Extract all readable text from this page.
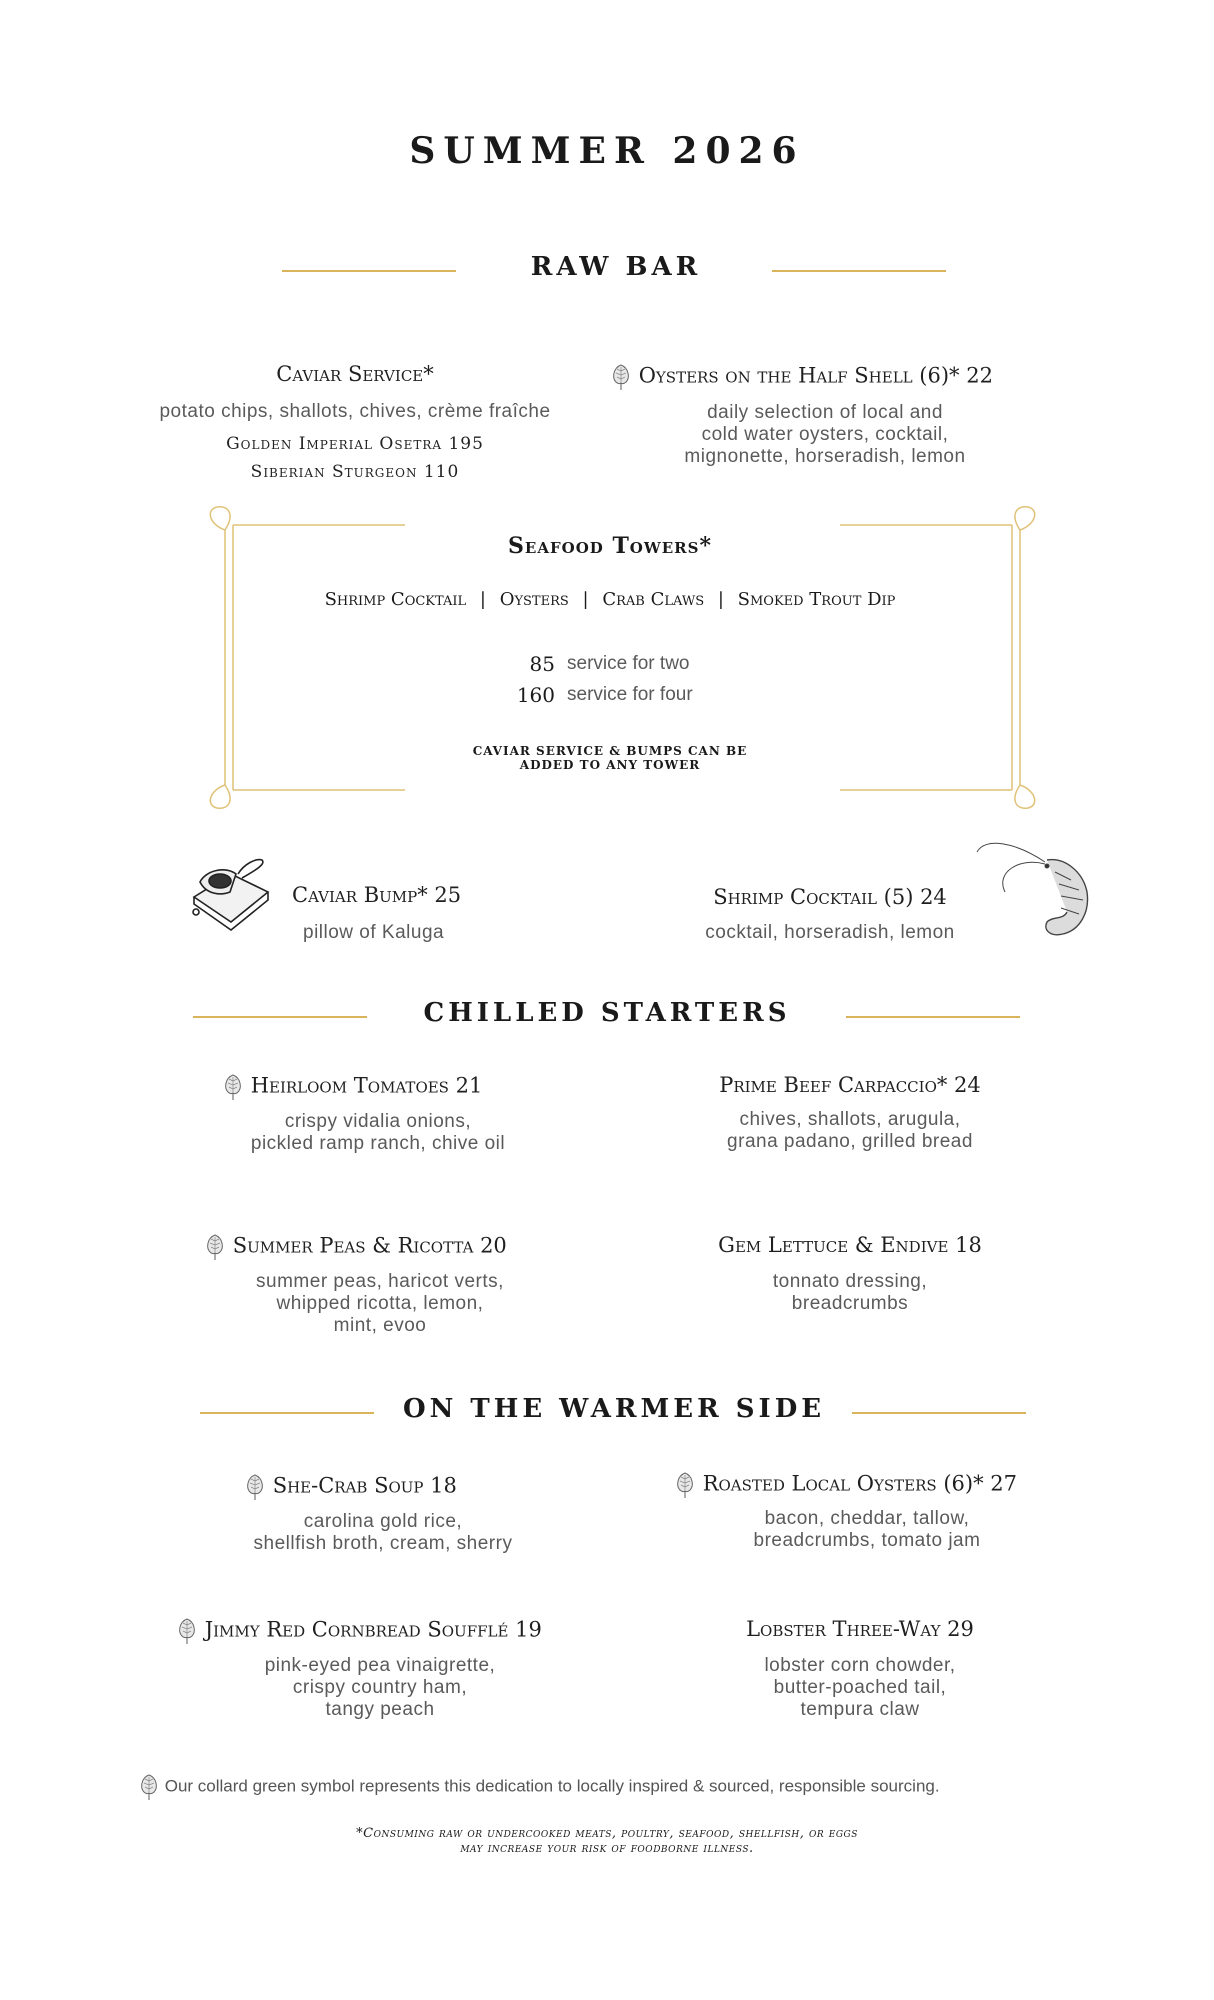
SUMMER 2026
RAW BAR
Caviar Service*
potato chips, shallots, chives, crème fraîche
Golden Imperial Osetra 195
Siberian Sturgeon 110
Oysters on the Half Shell (6)* 22
daily selection of local and
cold water oysters, cocktail,
mignonette, horseradish, lemon
Seafood Towers*
Shrimp Cocktail | Oysters | Crab Claws | Smoked Trout Dip
85 service for two
160 service for four
CAVIAR SERVICE & BUMPS CAN BE
ADDED TO ANY TOWER
Caviar Bump* 25
pillow of Kaluga
Shrimp Cocktail (5) 24
cocktail, horseradish, lemon
CHILLED STARTERS
Heirloom Tomatoes 21
crispy vidalia onions,
pickled ramp ranch, chive oil
Prime Beef Carpaccio* 24
chives, shallots, arugula,
grana padano, grilled bread
Summer Peas & Ricotta 20
summer peas, haricot verts,
whipped ricotta, lemon,
mint, evoo
Gem Lettuce & Endive 18
tonnato dressing,
breadcrumbs
ON THE WARMER SIDE
She-Crab Soup 18
carolina gold rice,
shellfish broth, cream, sherry
Roasted Local Oysters (6)* 27
bacon, cheddar, tallow,
breadcrumbs, tomato jam
Jimmy Red Cornbread Soufflé 19
pink-eyed pea vinaigrette,
crispy country ham,
tangy peach
Lobster Three-Way 29
lobster corn chowder,
butter-poached tail,
tempura claw
Our collard green symbol represents this dedication to locally inspired & sourced, responsible sourcing.
*Consuming raw or undercooked meats, poultry, seafood, shellfish, or eggs
may increase your risk of foodborne illness.
